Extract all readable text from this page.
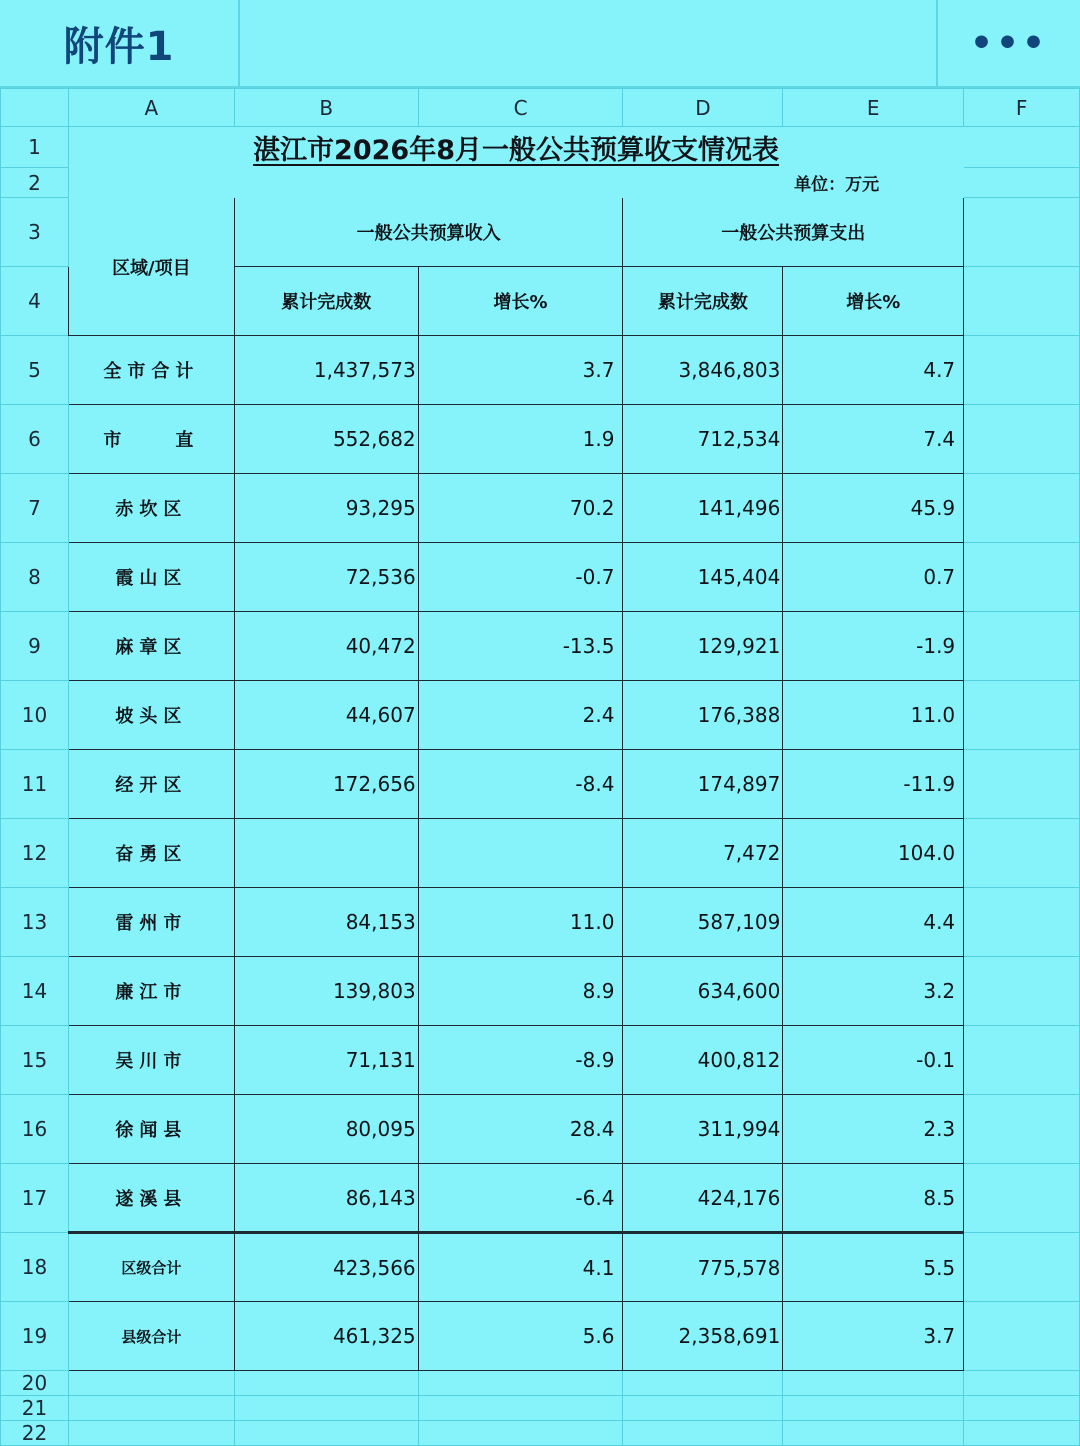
附件1	•••
	A	B	C	D	E	F
1	湛江市2026年8月一般公共预算收支情况表					
2	单位：万元					
3	区域/项目	一般公共预算收入		一般公共预算支出		
4		累计完成数	增长%	累计完成数	增长%	
5	全市合计	1,437,573	3.7	3,846,803	4.7	
6	市　　直	552,682	1.9	712,534	7.4	
7	赤坎区	93,295	70.2	141,496	45.9	
8	霞山区	72,536	-0.7	145,404	0.7	
9	麻章区	40,472	-13.5	129,921	-1.9	
10	坡头区	44,607	2.4	176,388	11.0	
11	经开区	172,656	-8.4	174,897	-11.9	
12	奋勇区			7,472	104.0	
13	雷州市	84,153	11.0	587,109	4.4	
14	廉江市	139,803	8.9	634,600	3.2	
15	吴川市	71,131	-8.9	400,812	-0.1	
16	徐闻县	80,095	28.4	311,994	2.3	
17	遂溪县	86,143	-6.4	424,176	8.5	
18	区级合计	423,566	4.1	775,578	5.5	
19	县级合计	461,325	5.6	2,358,691	3.7	
20						
21						
22						
